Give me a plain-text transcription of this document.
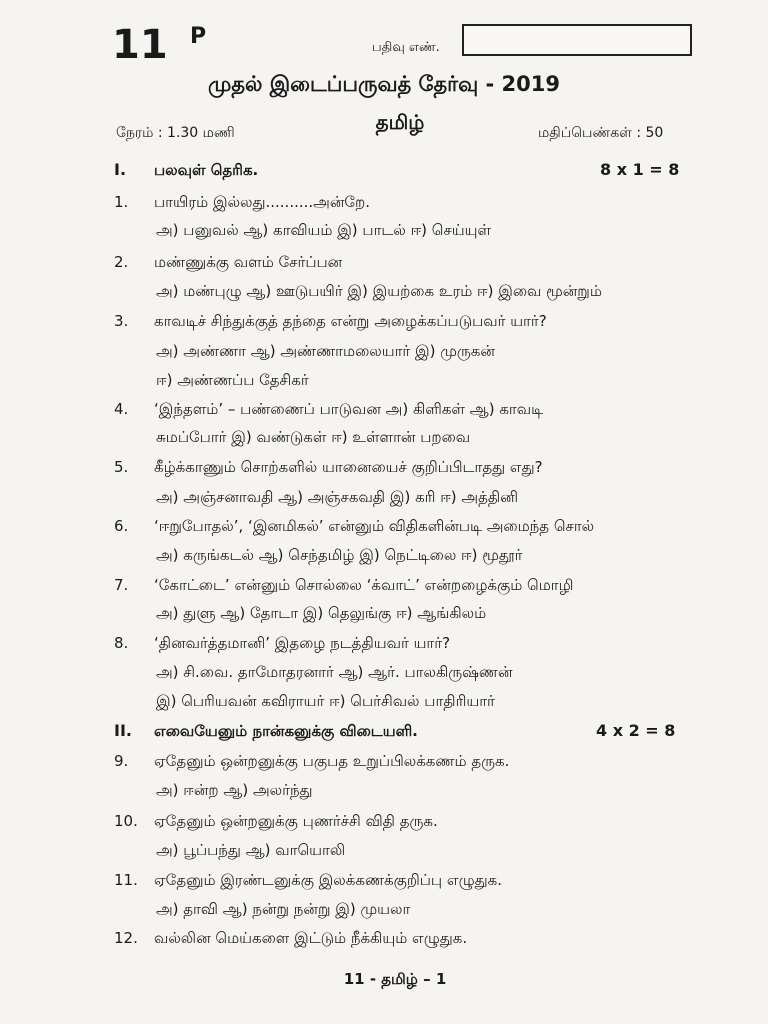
11 P	பதிவு எண்.
முதல் இடைப்பருவத் தேர்வு - 2019
தமிழ்
நேரம் : 1.30 மணி	மதிப்பெண்கள் : 50
I. பலவுள் தெரிக.	8 x 1 = 8
1. பாயிரம் இல்லது..........அன்றே.
அ) பனுவல் ஆ) காவியம் இ) பாடல் ஈ) செய்யுள்
2. மண்ணுக்கு வளம் சேர்ப்பன
அ) மண்புழு ஆ) ஊடுபயிர் இ) இயற்கை உரம் ஈ) இவை மூன்றும்
3. காவடிச் சிந்துக்குத் தந்தை என்று அழைக்கப்படுபவர் யார்?
அ) அண்ணா ஆ) அண்ணாமலையார் இ) முருகன்
ஈ) அண்ணப்ப தேசிகர்
4. ‘இந்தளம்’ – பண்ணைப் பாடுவன அ) கிளிகள் ஆ) காவடி
சுமப்போர் இ) வண்டுகள் ஈ) உள்ளான் பறவை
5. கீழ்க்காணும் சொற்களில் யானையைச் குறிப்பிடாதது எது?
அ) அஞ்சனாவதி ஆ) அஞ்சகவதி இ) கரி ஈ) அத்தினி
6. ‘ஈறுபோதல்’, ‘இனமிகல்’ என்னும் விதிகளின்படி அமைந்த சொல்
அ) கருங்கடல் ஆ) செந்தமிழ் இ) நெட்டிலை ஈ) மூதூர்
7. ‘கோட்டை’ என்னும் சொல்லை ‘க்வாட்’ என்றழைக்கும் மொழி
அ) துளு ஆ) தோடா இ) தெலுங்கு ஈ) ஆங்கிலம்
8. ‘தினவர்த்தமானி’ இதழை நடத்தியவர் யார்?
அ) சி.வை. தாமோதரனார் ஆ) ஆர். பாலகிருஷ்ணன்
இ) பெரியவன் கவிராயர் ஈ) பெர்சிவல் பாதிரியார்
II. எவையேனும் நான்கனுக்கு விடையளி.	4 x 2 = 8
9. ஏதேனும் ஒன்றனுக்கு பகுபத உறுப்பிலக்கணம் தருக.
அ) ஈன்ற ஆ) அலர்ந்து
10. ஏதேனும் ஒன்றனுக்கு புணர்ச்சி விதி தருக.
அ) பூப்பந்து ஆ) வாயொலி
11. ஏதேனும் இரண்டனுக்கு இலக்கணக்குறிப்பு எழுதுக.
அ) தாவி ஆ) நன்று நன்று இ) முயலா
12. வல்லின மெய்களை இட்டும் நீக்கியும் எழுதுக.
11 - தமிழ் – 1
